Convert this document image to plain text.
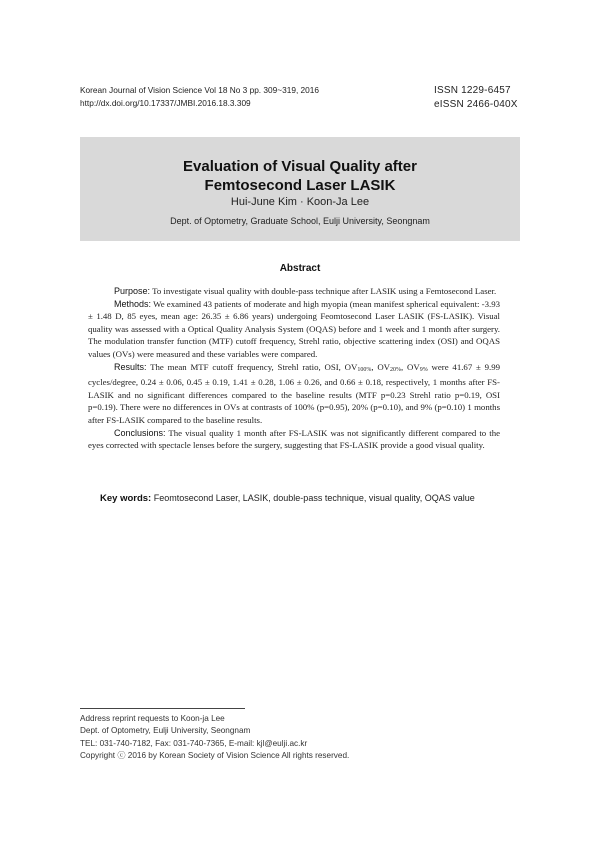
Korean Journal of Vision Science Vol 18 No 3 pp. 309~319, 2016
http://dx.doi.org/10.17337/JMBI.2016.18.3.309
ISSN 1229-6457
eISSN 2466-040X
Evaluation of Visual Quality after
Femtosecond Laser LASIK
Hui-June Kim · Koon-Ja Lee
Dept. of Optometry, Graduate School, Eulji University, Seongnam
Abstract

Purpose: To investigate visual quality with double-pass technique after LASIK using a Femtosecond Laser.

Methods: We examined 43 patients of moderate and high myopia (mean manifest spherical equivalent: -3.93 ± 1.48 D, 85 eyes, mean age: 26.35 ± 6.86 years) undergoing Feomtosecond Laser LASIK (FS-LASIK). Visual quality was assessed with a Optical Quality Analysis System (OQAS) before and 1 week and 1 month after surgery. The modulation transfer function (MTF) cutoff frequency, Strehl ratio, objective scattering index (OSI) and OQAS values (OVs) were measured and these variables were compared.

Results: The mean MTF cutoff frequency, Strehl ratio, OSI, $OV_{100\%}$, $OV_{20\%}$, $OV_{9\%}$ were 41.67 ± 9.99 cycles/degree, 0.24 ± 0.06, 0.45 ± 0.19, 1.41 ± 0.28, 1.06 ± 0.26, and 0.66 ± 0.18, respectively, 1 months after FS-LASIK and no significant differences compared to the baseline results (MTF p=0.23 Strehl ratio p=0.19, OSI p=0.19). There were no differences in OVs at contrasts of 100% (p=0.95), 20% (p=0.10), and 9% (p=0.10) 1 months after FS-LASIK compared to the baseline results.

Conclusions: The visual quality 1 month after FS-LASIK was not significantly different compared to the eyes corrected with spectacle lenses before the surgery, suggesting that FS-LASIK provide a good visual quality.

Key words: Feomtosecond Laser, LASIK, double-pass technique, visual quality, OQAS value
Address reprint requests to Koon-ja Lee
Dept. of Optometry, Eulji University, Seongnam
TEL: 031-740-7182, Fax: 031-740-7365, E-mail: kjl@eulji.ac.kr
Copyright ⓒ 2016 by Korean Society of Vision Science All rights reserved.
